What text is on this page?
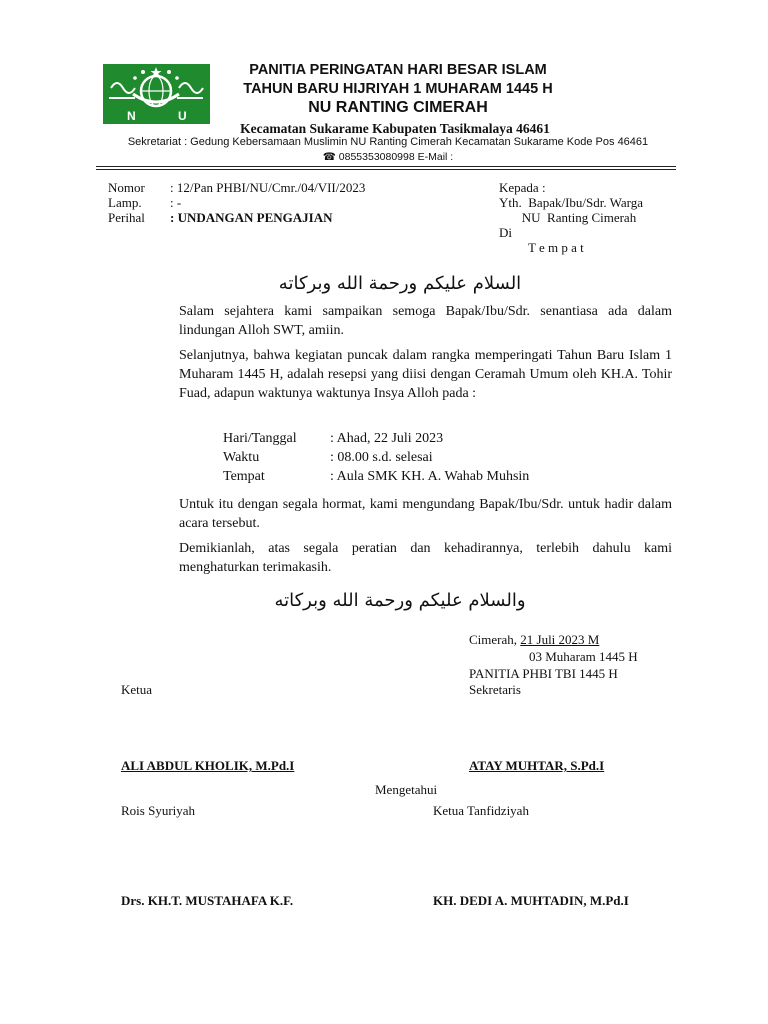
N	U
PANITIA PERINGATAN HARI BESAR ISLAM
TAHUN BARU HIJRIYAH 1 MUHARAM 1445 H
NU RANTING CIMERAH
Kecamatan Sukarame Kabupaten Tasikmalaya 46461
Sekretariat : Gedung Kebersamaan Muslimin NU Ranting Cimerah Kecamatan Sukarame Kode Pos 46461
☎ 0855353080998 E-Mail :
Nomor : 12/Pan PHBI/NU/Cmr./04/VII/2023
Lamp. : -
Perihal : UNDANGAN PENGAJIAN
Kepada :
Yth.  Bapak/Ibu/Sdr. Warga
NU  Ranting Cimerah
Di
T e m p a t
السلام عليكم ورحمة الله وبركاته
Salam sejahtera kami sampaikan semoga Bapak/Ibu/Sdr. senantiasa ada dalam lindungan Alloh SWT, amiin.
Selanjutnya, bahwa kegiatan puncak dalam rangka memperingati Tahun Baru Islam 1 Muharam 1445 H, adalah resepsi yang diisi dengan Ceramah Umum oleh KH.A. Tohir Fuad, adapun waktunya waktunya Insya Alloh pada :
Hari/Tanggal : Ahad, 22 Juli 2023
Waktu	: 08.00 s.d. selesai
Tempat	: Aula SMK KH. A. Wahab Muhsin
Untuk itu dengan segala hormat, kami mengundang Bapak/Ibu/Sdr. untuk hadir dalam acara tersebut.
Demikianlah, atas segala peratian dan kehadirannya, terlebih dahulu kami menghaturkan terimakasih.
والسلام عليكم ورحمة الله وبركاته
Cimerah, 21 Juli 2023 M
03 Muharam 1445 H
PANITIA PHBI TBI 1445 H
Ketua	Sekretaris
ALI ABDUL KHOLIK, M.Pd.I	ATAY MUHTAR, S.Pd.I
Mengetahui
Rois Syuriyah	Ketua Tanfidziyah
Drs. KH.T. MUSTAHAFA K.F.	KH. DEDI A. MUHTADIN, M.Pd.I
